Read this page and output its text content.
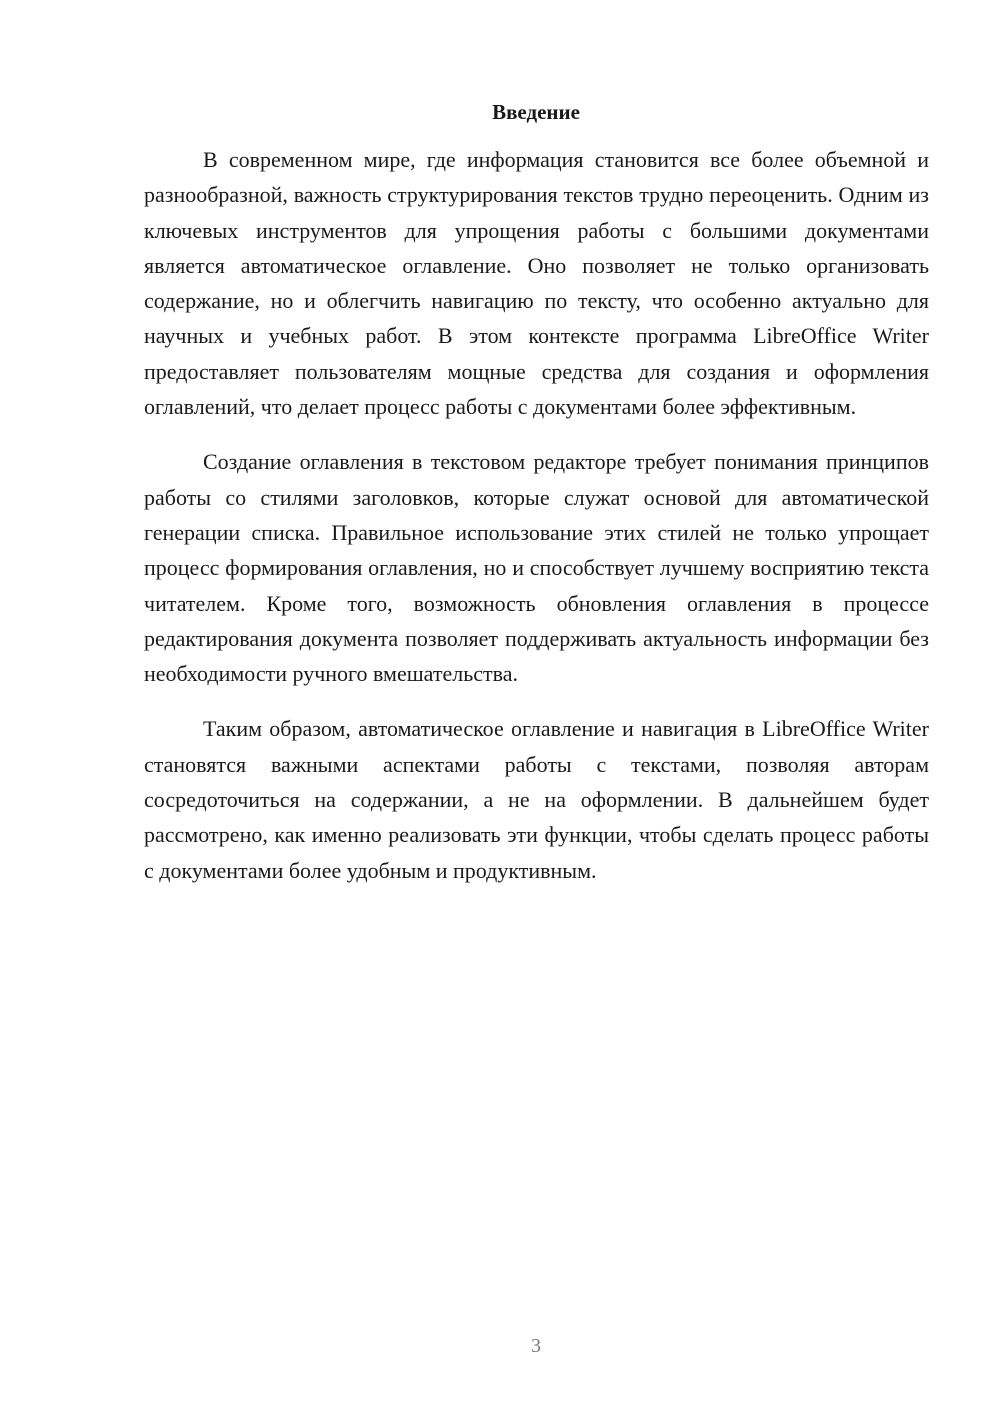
Введение

В современном мире, где информация становится все более объемной и разнообразной, важность структурирования текстов трудно переоценить. Одним из ключевых инструментов для упрощения работы с большими документами является автоматическое оглавление. Оно позволяет не только организовать содержание, но и облегчить навигацию по тексту, что особенно актуально для научных и учебных работ. В этом контексте программа LibreOffice Writer предоставляет пользователям мощные средства для создания и оформления оглавлений, что делает процесс работы с документами более эффективным.

Создание оглавления в текстовом редакторе требует понимания принципов работы со стилями заголовков, которые служат основой для автоматической генерации списка. Правильное использование этих стилей не только упрощает процесс формирования оглавления, но и способствует лучшему восприятию текста читателем. Кроме того, возможность обновления оглавления в процессе редактирования документа позволяет поддерживать актуальность информации без необходимости ручного вмешательства.

Таким образом, автоматическое оглавление и навигация в LibreOffice Writer становятся важными аспектами работы с текстами, позволяя авторам сосредоточиться на содержании, а не на оформлении. В дальнейшем будет рассмотрено, как именно реализовать эти функции, чтобы сделать процесс работы с документами более удобным и продуктивным.

3
